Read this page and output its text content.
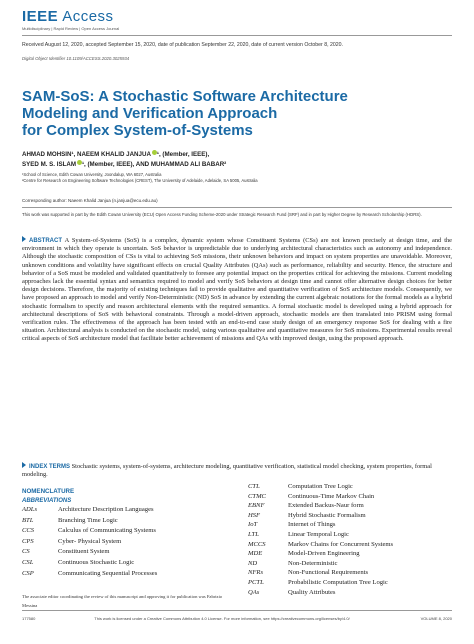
IEEE Access
Multidisciplinary | Rapid Review | Open Access Journal
Received August 12, 2020, accepted September 15, 2020, date of publication September 22, 2020, date of current version October 8, 2020.
Digital Object Identifier 10.1109/ACCESS.2020.3025934
SAM-SoS: A Stochastic Software Architecture
Modeling and Verification Approach
for Complex System-of-Systems
AHMAD MOHSIN¹, NAEEM KHALID JANJUA ¹, (Member, IEEE),
SYED M. S. ISLAM ¹, (Member, IEEE), AND MUHAMMAD ALI BABAR²
¹School of Science, Edith Cowan University, Joondalup, WA 6027, Australia
²Centre for Research on Engineering Software Technologies (CREST), The University of Adelaide, Adelaide, SA 5005, Australia
Corresponding author: Naeem Khalid Janjua (n.janjua@ecu.edu.au)
This work was supported in part by the Edith Cowan University (ECU) Open Access Funding Scheme-2020 under Strategic Research Fund (SRF) and in part by Higher Degree by Research Scholarship (HDRS).
ABSTRACT A System-of-Systems (SoS) is a complex, dynamic system whose Constituent Systems (CSs) are not known precisely at design time, and the environment in which they operate is uncertain. SoS behavior is unpredictable due to underlying architectural characteristics such as autonomy and independence. Although the stochastic composition of CSs is vital to achieving SoS missions, their unknown behaviors and impact on system properties are unavoidable. Moreover, unknown conditions and volatility have significant effects on crucial Quality Attributes (QAs) such as performance, reliability and security. Hence, the structure and behavior of a SoS must be modeled and validated quantitatively to foresee any potential impact on the properties critical for achieving the missions. Current modeling approaches lack the essential syntax and semantics required to model and verify SoS behaviors at design time and cannot offer alternative design choices for better design decisions. Therefore, the majority of existing techniques fail to provide qualitative and quantitative verification of SoS architecture models. Consequently, we have proposed an approach to model and verify Non-Deterministic (ND) SoS in advance by extending the current algebraic notations for the formal models as a hybrid stochastic formalism to specify and reason architectural elements with the required semantics. A formal stochastic model is developed using a hybrid approach for architectural descriptions of SoS with behavioral constraints. Through a model-driven approach, stochastic models are then translated into PRISM using formal verification rules. The effectiveness of the approach has been tested with an end-to-end case study design of an emergency response SoS for dealing with a fire situation. Architectural analysis is conducted on the stochastic model, using various qualitative and quantitative measures for SoS missions. Experimental results reveal critical aspects of SoS architecture model that facilitate better achievement of missions and QAs with improved design, using the proposed approach.
INDEX TERMS Stochastic systems, system-of-systems, architecture modeling, quantitative verification, statistical model checking, system properties, formal modeling.
NOMENCLATURE
ABBREVIATIONS
The associate editor coordinating the review of this manuscript and approving it for publication was Fabrizio Messina
177580	This work is licensed under a Creative Commons Attribution 4.0 License. For more information, see https://creativecommons.org/licenses/by/4.0/	VOLUME 8, 2020
ADLs	Architecture Description Languages
BTL	Branching Time Logic
CCS	Calculus of Communicating Systems
CPS	Cyber- Physical System
CS	Constituent System
CSL	Continuous Stochastic Logic
CSP	Communicating Sequential Processes
CTL	Computation Tree Logic
CTMC	Continuous-Time Markov Chain
EBNF	Extended Backus-Naur form
HSF	Hybrid Stochastic Formalism
IoT	Internet of Things
LTL	Linear Temporal Logic
MCCS	Markov Chains for Concurrent Systems
MDE	Model-Driven Engineering
ND	Non-Deterministic
NFRs	Non-Functional Requirements
PCTL	Probabilistic Computation Tree Logic
QAs	Quality Attributes
